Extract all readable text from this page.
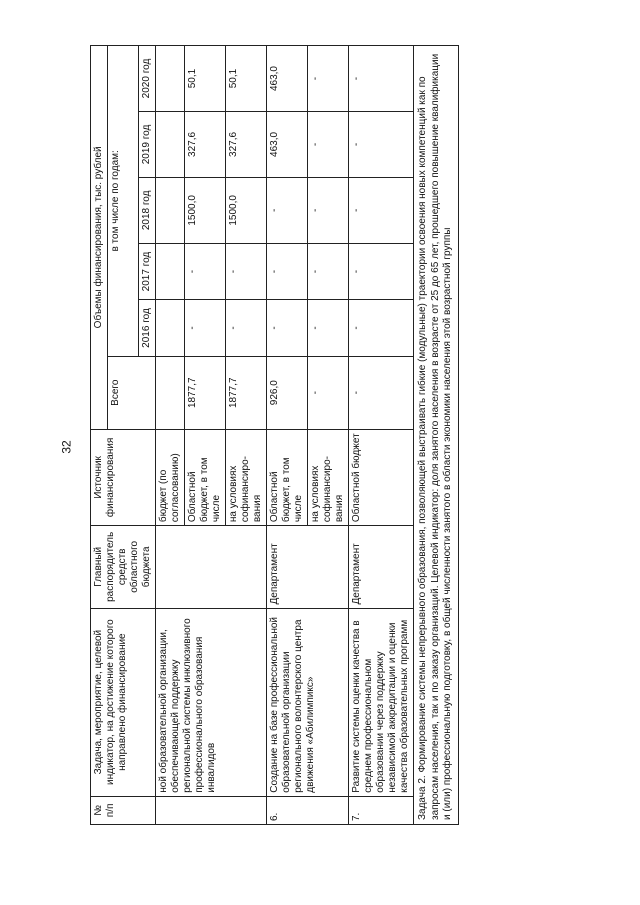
32
№ п/п	Задача, мероприятие, целевой индикатор, на достижение которого направлено финансирование	Главный распорядитель средств областного бюджета	Источник финансирования	Объемы финансирования, тыс. рублей					
				Всего	в том числе по годам:				
					2016 год	2017 год	2018 год	2019 год	2020 год
	ной образовательной организации, обеспечивающей поддержку региональной системы инклюзивного профессионального образования инвалидов		бюджет (по согласованию)						
			Областной бюджет, в том числе	1877,7	-	-	1500,0	327,6	50,1
			на условиях софинансиро-вания	1877,7	-	-	1500,0	327,6	50,1
6.	Создание на базе профессиональной образовательной организации регионального волонтерского центра движения «Абилимпикс»	Департамент	Областной бюджет, в том числе	926,0	-	-	-	463,0	463,0
			на условиях софинансиро-вания	-	-	-	-	-	-
7.	Развитие системы оценки качества в среднем профессиональном образовании через поддержку независимой аккредитации и оценки качества образовательных программ	Департамент	Областной бюджет	-	-	-	-	-	-
Задача 2. Формирование системы непрерывного образования, позволяющей выстраивать гибкие (модульные) траектории освоения новых компетенций как по запросам населения, так и по заказу организаций. Целевой индикатор: доля занятого населения в возрасте от 25 до 65 лет, прошедшего повышение квалификации и (или) профессиональную подготовку, в общей численности занятого в области экономики населения этой возрастной группы									
